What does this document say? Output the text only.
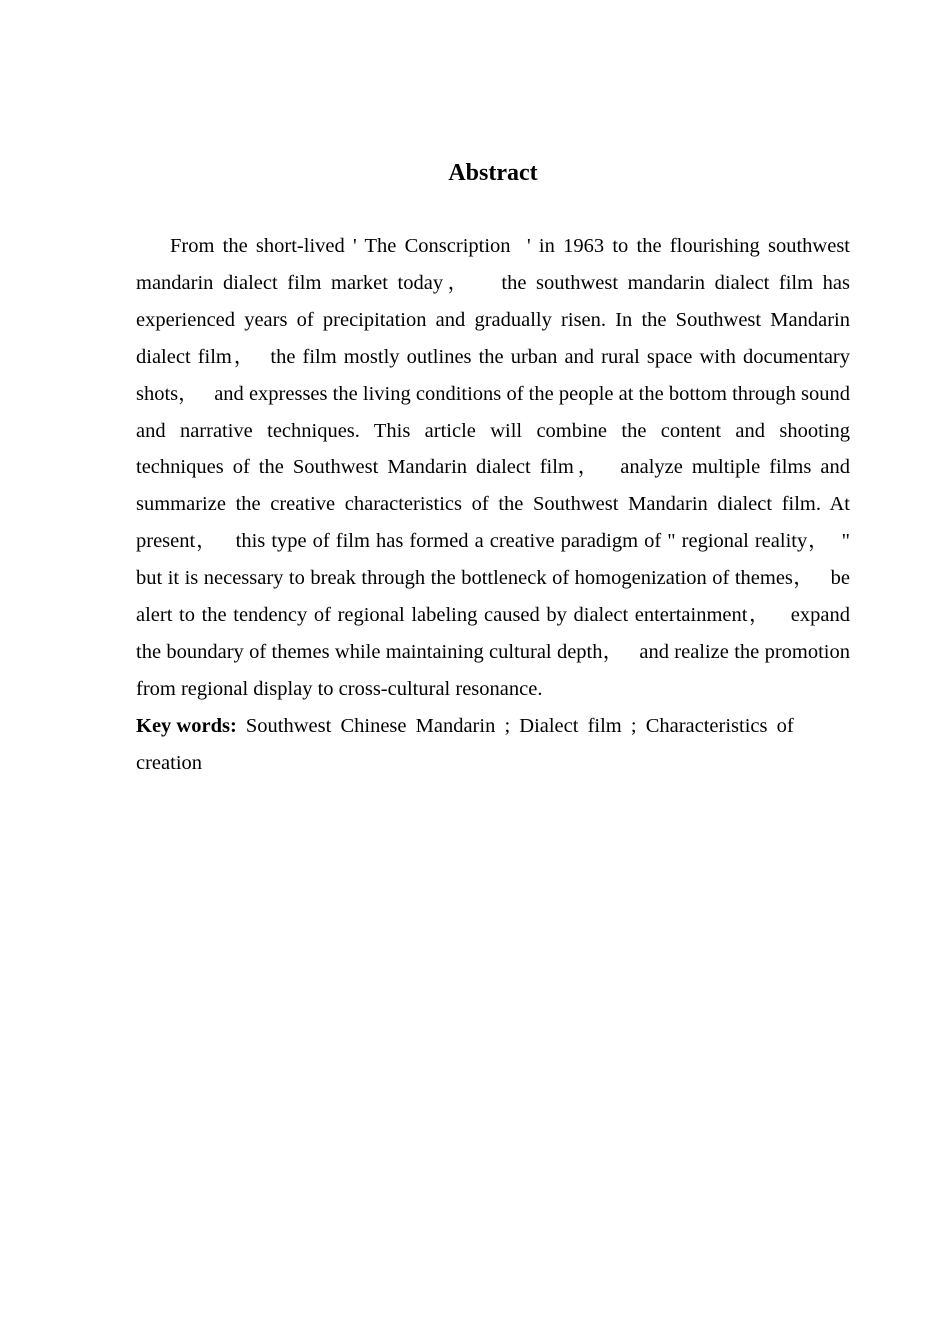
Abstract

From the short-lived ' The Conscription  ' in 1963 to the flourishing southwest mandarin dialect film market today，   the southwest mandarin dialect film has experienced years of precipitation and gradually risen. In the Southwest Mandarin dialect film，  the film mostly outlines the urban and rural space with documentary shots，   and expresses the living conditions of the people at the bottom through sound and narrative techniques. This article will combine the content and shooting techniques of the Southwest Mandarin dialect film，  analyze multiple films and summarize the creative characteristics of the Southwest Mandarin dialect film. At present，   this type of film has formed a creative paradigm of " regional reality，  " but it is necessary to break through the bottleneck of homogenization of themes，   be alert to the tendency of regional labeling caused by dialect entertainment，   expand the boundary of themes while maintaining cultural depth，   and realize the promotion from regional display to cross-cultural resonance.

Key words: Southwest Chinese Mandarin ; Dialect film ; Characteristics of creation
